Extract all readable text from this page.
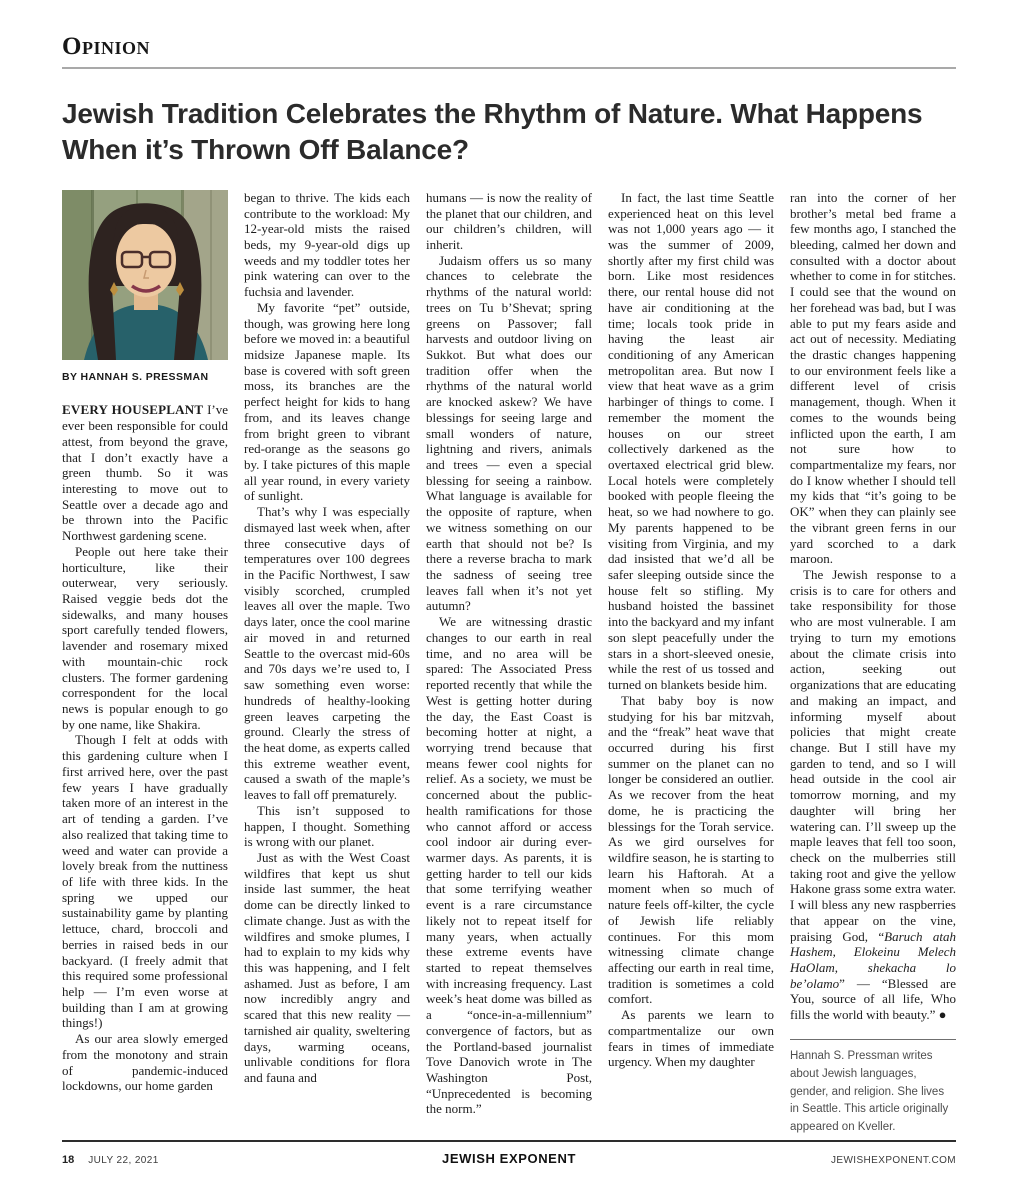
Opinion
Jewish Tradition Celebrates the Rhythm of Nature. What Happens When it’s Thrown Off Balance?
BY HANNAH S. PRESSMAN

EVERY HOUSEPLANT I’ve ever been responsible for could attest, from beyond the grave, that I don’t exactly have a green thumb. So it was interesting to move out to Seattle over a decade ago and be thrown into the Pacific Northwest gardening scene.

People out here take their horticulture, like their outerwear, very seriously. Raised veggie beds dot the sidewalks, and many houses sport carefully tended flowers, lavender and rosemary mixed with mountain-chic rock clusters. The former gardening correspondent for the local news is popular enough to go by one name, like Shakira.

Though I felt at odds with this gardening culture when I first arrived here, over the past few years I have gradually taken more of an interest in the art of tending a garden. I’ve also realized that taking time to weed and water can provide a lovely break from the nuttiness of life with three kids. In the spring we upped our sustainability game by planting lettuce, chard, broccoli and berries in raised beds in our backyard. (I freely admit that this required some professional help — I’m even worse at building than I am at growing things!)

As our area slowly emerged from the monotony and strain of pandemic-induced lockdowns, our home garden

began to thrive. The kids each contribute to the workload: My 12-year-old mists the raised beds, my 9-year-old digs up weeds and my toddler totes her pink watering can over to the fuchsia and lavender.

My favorite “pet” outside, though, was growing here long before we moved in: a beautiful midsize Japanese maple. Its base is covered with soft green moss, its branches are the perfect height for kids to hang from, and its leaves change from bright green to vibrant red-orange as the seasons go by. I take pictures of this maple all year round, in every variety of sunlight.

That’s why I was especially dismayed last week when, after three consecutive days of temperatures over 100 degrees in the Pacific Northwest, I saw visibly scorched, crumpled leaves all over the maple. Two days later, once the cool marine air moved in and returned Seattle to the overcast mid-60s and 70s days we’re used to, I saw something even worse: hundreds of healthy-looking green leaves carpeting the ground. Clearly the stress of the heat dome, as experts called this extreme weather event, caused a swath of the maple’s leaves to fall off prematurely.

This isn’t supposed to happen, I thought. Something is wrong with our planet.

Just as with the West Coast wildfires that kept us shut inside last summer, the heat dome can be directly linked to climate change. Just as with the wildfires and smoke plumes, I had to explain to my kids why this was happening, and I felt ashamed. Just as before, I am now incredibly angry and scared that this new reality — tarnished air quality, sweltering days, warming oceans, unlivable conditions for flora and fauna and

humans — is now the reality of the planet that our children, and our children’s children, will inherit.

Judaism offers us so many chances to celebrate the rhythms of the natural world: trees on Tu b’Shevat; spring greens on Passover; fall harvests and outdoor living on Sukkot. But what does our tradition offer when the rhythms of the natural world are knocked askew? We have blessings for seeing large and small wonders of nature, lightning and rivers, animals and trees — even a special blessing for seeing a rainbow. What language is available for the opposite of rapture, when we witness something on our earth that should not be? Is there a reverse bracha to mark the sadness of seeing tree leaves fall when it’s not yet autumn?

We are witnessing drastic changes to our earth in real time, and no area will be spared: The Associated Press reported recently that while the West is getting hotter during the day, the East Coast is becoming hotter at night, a worrying trend because that means fewer cool nights for relief. As a society, we must be concerned about the public-health ramifications for those who cannot afford or access cool indoor air during ever-warmer days. As parents, it is getting harder to tell our kids that some terrifying weather event is a rare circumstance likely not to repeat itself for many years, when actually these extreme events have started to repeat themselves with increasing frequency. Last week’s heat dome was billed as a “once-in-a-millennium” convergence of factors, but as the Portland-based journalist Tove Danovich wrote in The Washington Post, “Unprecedented is becoming the norm.”

In fact, the last time Seattle experienced heat on this level was not 1,000 years ago — it was the summer of 2009, shortly after my first child was born. Like most residences there, our rental house did not have air conditioning at the time; locals took pride in having the least air conditioning of any American metropolitan area. But now I view that heat wave as a grim harbinger of things to come. I remember the moment the houses on our street collectively darkened as the overtaxed electrical grid blew. Local hotels were completely booked with people fleeing the heat, so we had nowhere to go. My parents happened to be visiting from Virginia, and my dad insisted that we’d all be safer sleeping outside since the house felt so stifling. My husband hoisted the bassinet into the backyard and my infant son slept peacefully under the stars in a short-sleeved onesie, while the rest of us tossed and turned on blankets beside him.

That baby boy is now studying for his bar mitzvah, and the “freak” heat wave that occurred during his first summer on the planet can no longer be considered an outlier. As we recover from the heat dome, he is practicing the blessings for the Torah service. As we gird ourselves for wildfire season, he is starting to learn his Haftorah. At a moment when so much of nature feels off-kilter, the cycle of Jewish life reliably continues. For this mom witnessing climate change affecting our earth in real time, tradition is sometimes a cold comfort.

As parents we learn to compartmentalize our own fears in times of immediate urgency. When my daughter

ran into the corner of her brother’s metal bed frame a few months ago, I stanched the bleeding, calmed her down and consulted with a doctor about whether to come in for stitches. I could see that the wound on her forehead was bad, but I was able to put my fears aside and act out of necessity. Mediating the drastic changes happening to our environment feels like a different level of crisis management, though. When it comes to the wounds being inflicted upon the earth, I am not sure how to compartmentalize my fears, nor do I know whether I should tell my kids that “it’s going to be OK” when they can plainly see the vibrant green ferns in our yard scorched to a dark maroon.

The Jewish response to a crisis is to care for others and take responsibility for those who are most vulnerable. I am trying to turn my emotions about the climate crisis into action, seeking out organizations that are educating and making an impact, and informing myself about policies that might create change. But I still have my garden to tend, and so I will head outside in the cool air tomorrow morning, and my daughter will bring her watering can. I’ll sweep up the maple leaves that fell too soon, check on the mulberries still taking root and give the yellow Hakone grass some extra water. I will bless any new raspberries that appear on the vine, praising God, “Baruch atah Hashem, Elokeinu Melech HaOlam, shekacha lo be’olamo” — “Blessed are You, source of all life, Who fills the world with beauty.” ●

Hannah S. Pressman writes about Jewish languages, gender, and religion. She lives in Seattle. This article originally appeared on Kveller.
18 JULY 22, 2021	JEWISH EXPONENT	JEWISHEXPONENT.COM
